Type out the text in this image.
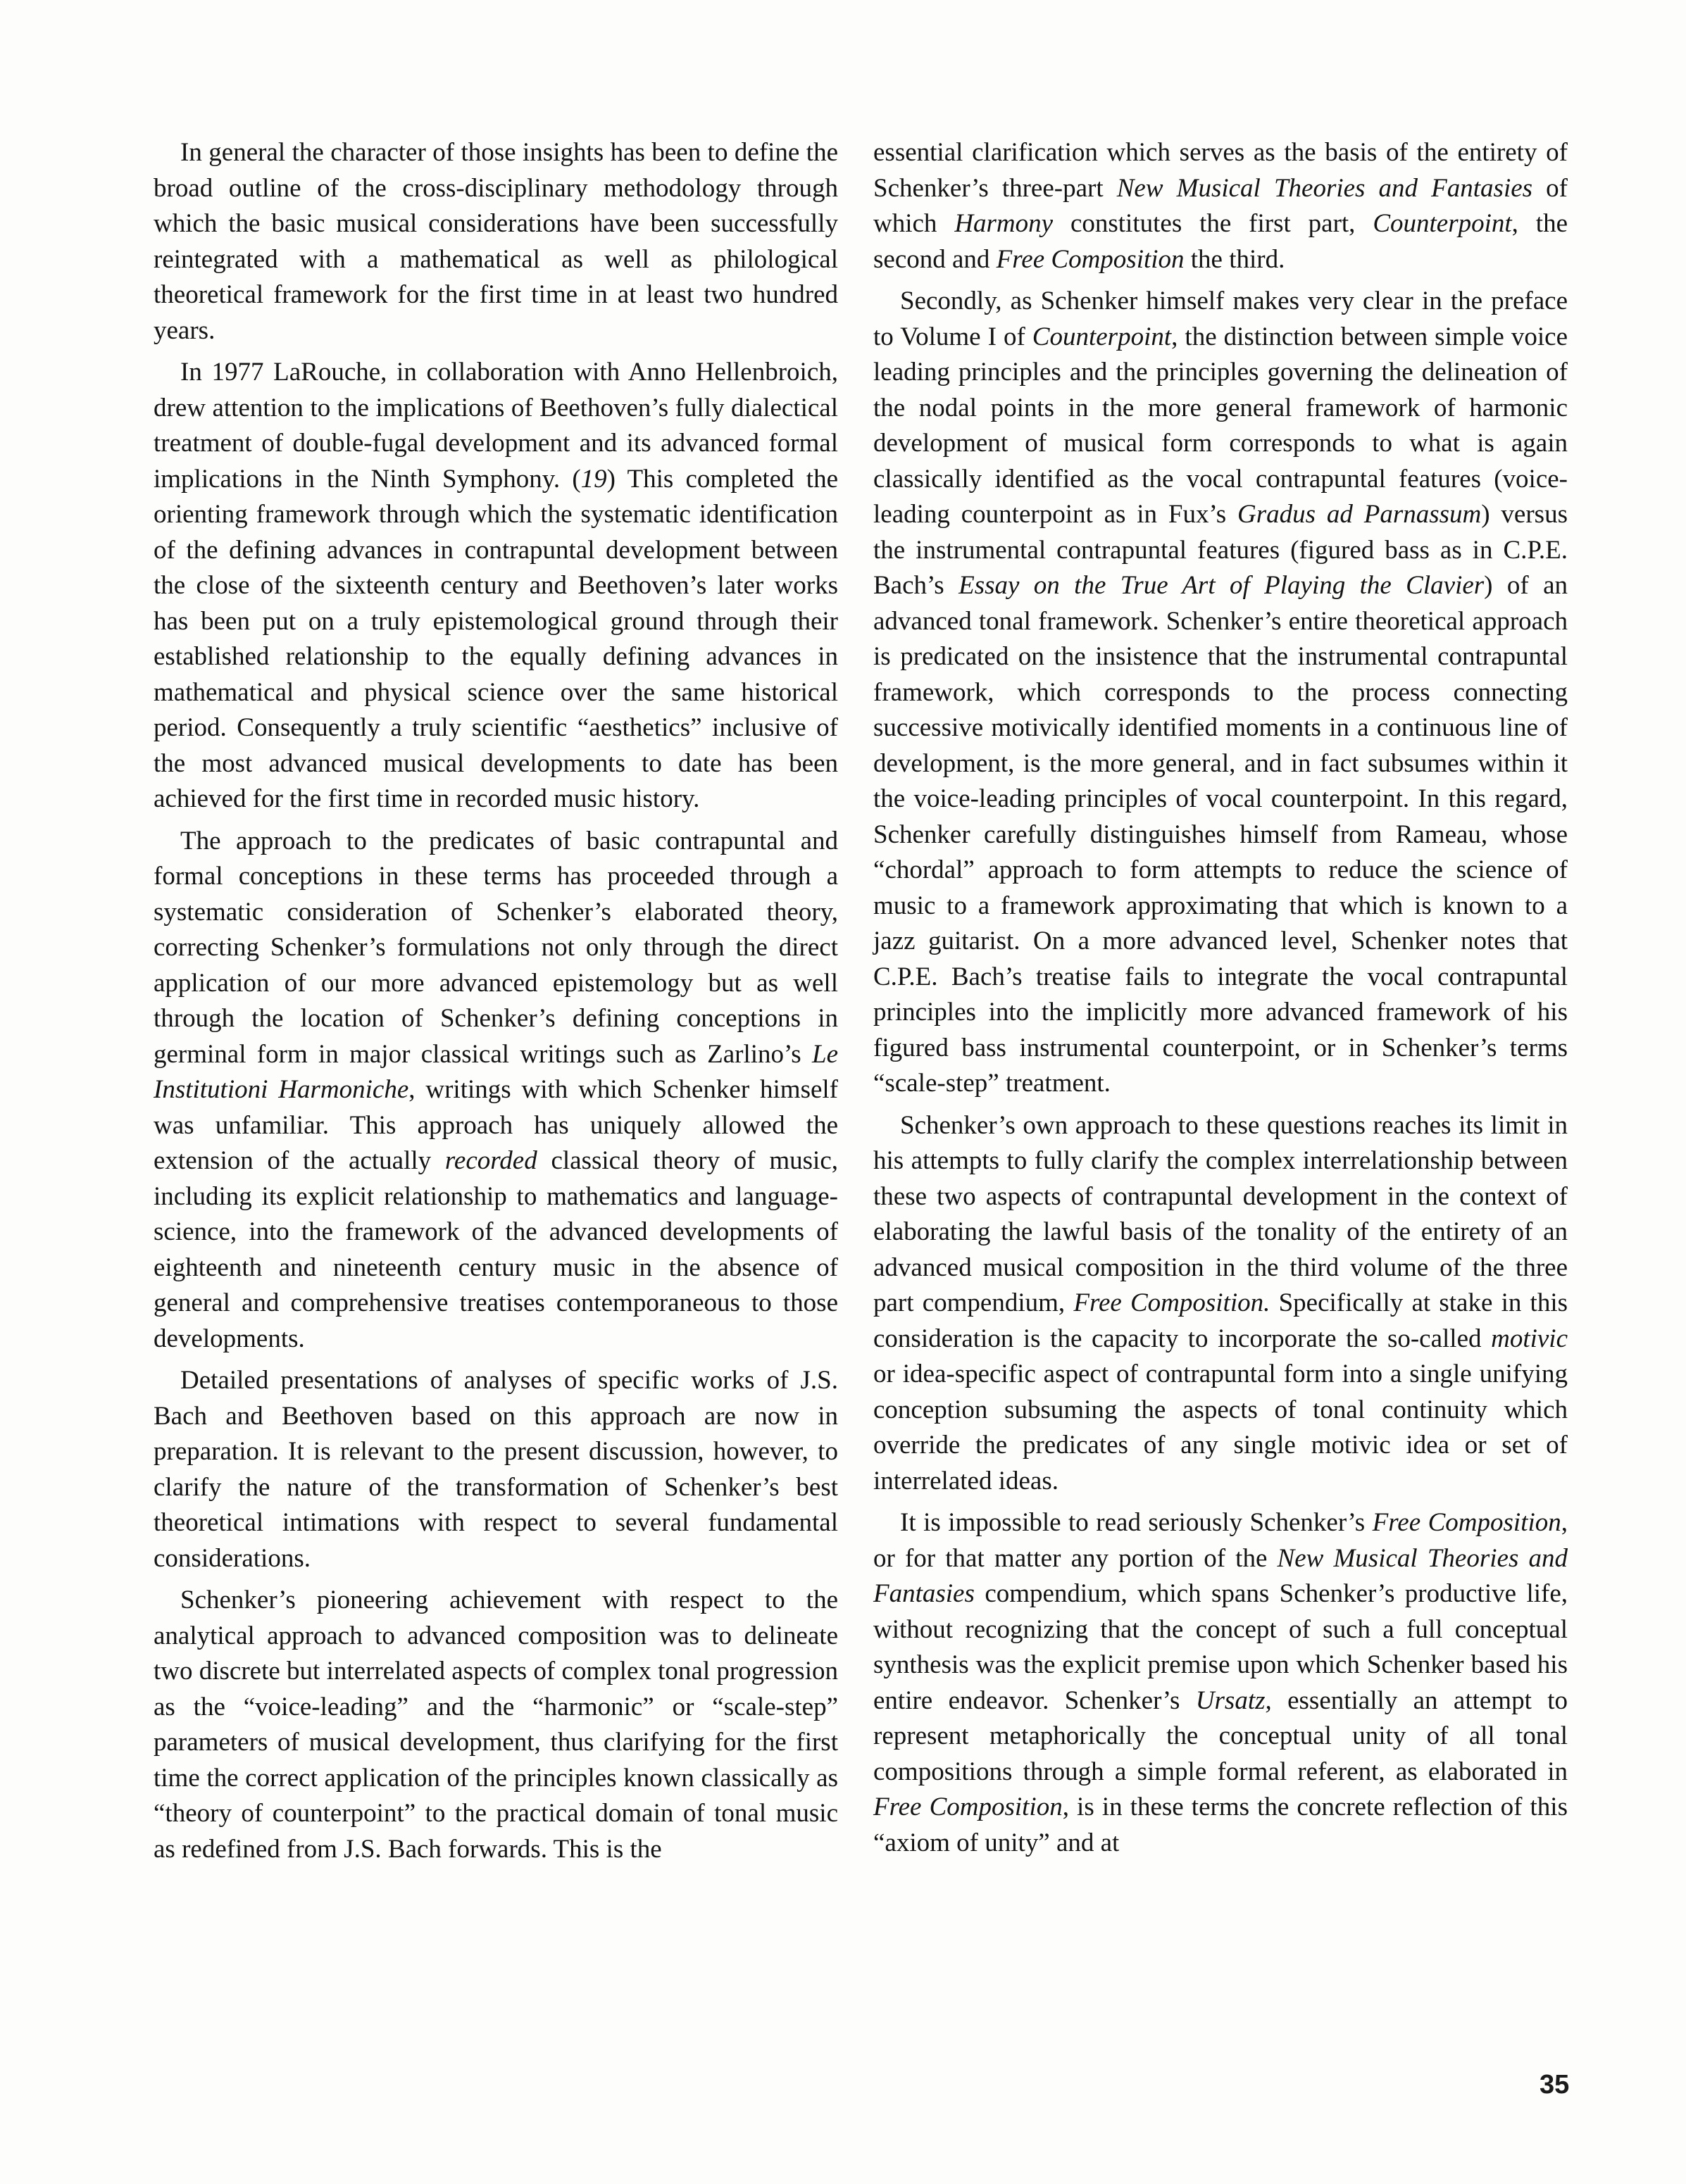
In general the character of those insights has been to define the broad outline of the cross-disciplinary methodology through which the basic musical considerations have been successfully reintegrated with a mathematical as well as philological theoretical framework for the first time in at least two hundred years.

In 1977 LaRouche, in collaboration with Anno Hellenbroich, drew attention to the implications of Beethoven’s fully dialectical treatment of double-fugal development and its advanced formal implications in the Ninth Symphony. (19) This completed the orienting framework through which the systematic identification of the defining advances in contrapuntal development between the close of the sixteenth century and Beethoven’s later works has been put on a truly epistemological ground through their established relationship to the equally defining advances in mathematical and physical science over the same historical period. Consequently a truly scientific “aesthetics” inclusive of the most advanced musical developments to date has been achieved for the first time in recorded music history.

The approach to the predicates of basic contrapuntal and formal conceptions in these terms has proceeded through a systematic consideration of Schenker’s elaborated theory, correcting Schenker’s formulations not only through the direct application of our more advanced epistemology but as well through the location of Schenker’s defining conceptions in germinal form in major classical writings such as Zarlino’s Le Institutioni Harmoniche, writings with which Schenker himself was unfamiliar. This approach has uniquely allowed the extension of the actually recorded classical theory of music, including its explicit relationship to mathematics and language-science, into the framework of the advanced developments of eighteenth and nineteenth century music in the absence of general and comprehensive treatises contemporaneous to those developments.

Detailed presentations of analyses of specific works of J.S. Bach and Beethoven based on this approach are now in preparation. It is relevant to the present discussion, however, to clarify the nature of the transformation of Schenker’s best theoretical intimations with respect to several fundamental considerations.

Schenker’s pioneering achievement with respect to the analytical approach to advanced composition was to delineate two discrete but interrelated aspects of complex tonal progression as the “voice-leading” and the “harmonic” or “scale-step” parameters of musical development, thus clarifying for the first time the correct application of the principles known classically as “theory of counterpoint” to the practical domain of tonal music as redefined from J.S. Bach forwards. This is the

essential clarification which serves as the basis of the entirety of Schenker’s three-part New Musical Theories and Fantasies of which Harmony constitutes the first part, Counterpoint, the second and Free Composition the third.

Secondly, as Schenker himself makes very clear in the preface to Volume I of Counterpoint, the distinction between simple voice leading principles and the principles governing the delineation of the nodal points in the more general framework of harmonic development of musical form corresponds to what is again classically identified as the vocal contrapuntal features (voice-leading counterpoint as in Fux’s Gradus ad Parnassum) versus the instrumental contrapuntal features (figured bass as in C.P.E. Bach’s Essay on the True Art of Playing the Clavier) of an advanced tonal framework. Schenker’s entire theoretical approach is predicated on the insistence that the instrumental contrapuntal framework, which corresponds to the process connecting successive motivically identified moments in a continuous line of development, is the more general, and in fact subsumes within it the voice-leading principles of vocal counterpoint. In this regard, Schenker carefully distinguishes himself from Rameau, whose “chordal” approach to form attempts to reduce the science of music to a framework approximating that which is known to a jazz guitarist. On a more advanced level, Schenker notes that C.P.E. Bach’s treatise fails to integrate the vocal contrapuntal principles into the implicitly more advanced framework of his figured bass instrumental counterpoint, or in Schenker’s terms “scale-step” treatment.

Schenker’s own approach to these questions reaches its limit in his attempts to fully clarify the complex interrelationship between these two aspects of contrapuntal development in the context of elaborating the lawful basis of the tonality of the entirety of an advanced musical composition in the third volume of the three part compendium, Free Composition. Specifically at stake in this consideration is the capacity to incorporate the so-called motivic or idea-specific aspect of contrapuntal form into a single unifying conception subsuming the aspects of tonal continuity which override the predicates of any single motivic idea or set of interrelated ideas.

It is impossible to read seriously Schenker’s Free Composition, or for that matter any portion of the New Musical Theories and Fantasies compendium, which spans Schenker’s productive life, without recognizing that the concept of such a full conceptual synthesis was the explicit premise upon which Schenker based his entire endeavor. Schenker’s Ursatz, essentially an attempt to represent metaphorically the conceptual unity of all tonal compositions through a simple formal referent, as elaborated in Free Composition, is in these terms the concrete reflection of this “axiom of unity” and at

35
